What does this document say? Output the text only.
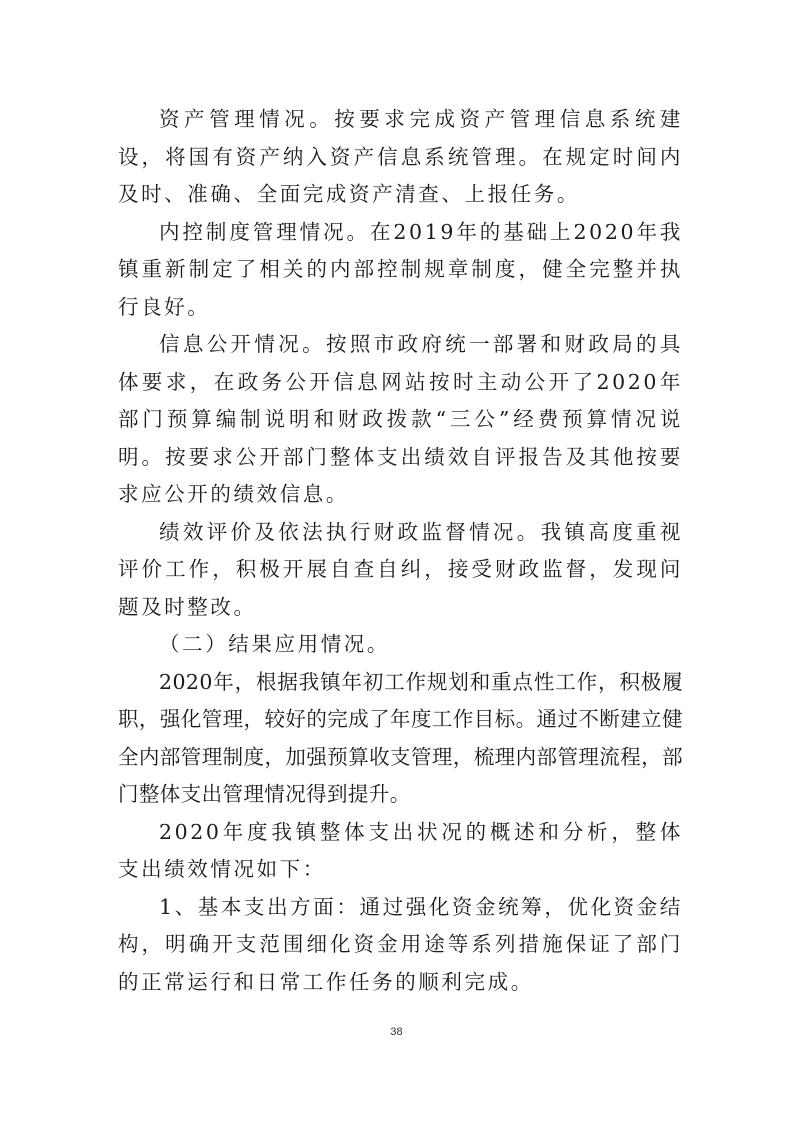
资产管理情况。按要求完成资产管理信息系统建设，将国有资产纳入资产信息系统管理。在规定时间内及时、准确、全面完成资产清查、上报任务。

内控制度管理情况。在2019年的基础上2020年我镇重新制定了相关的内部控制规章制度，健全完整并执行良好。

信息公开情况。按照市政府统一部署和财政局的具体要求，在政务公开信息网站按时主动公开了2020年部门预算编制说明和财政拨款“三公”经费预算情况说明。按要求公开部门整体支出绩效自评报告及其他按要求应公开的绩效信息。

绩效评价及依法执行财政监督情况。我镇高度重视评价工作，积极开展自查自纠，接受财政监督，发现问题及时整改。

（二）结果应用情况。

2020年，根据我镇年初工作规划和重点性工作，积极履职，强化管理，较好的完成了年度工作目标。通过不断建立健全内部管理制度，加强预算收支管理，梳理内部管理流程，部门整体支出管理情况得到提升。

2020年度我镇整体支出状况的概述和分析，整体支出绩效情况如下：

1、基本支出方面：通过强化资金统筹，优化资金结构，明确开支范围细化资金用途等系列措施保证了部门的正常运行和日常工作任务的顺利完成。

38
